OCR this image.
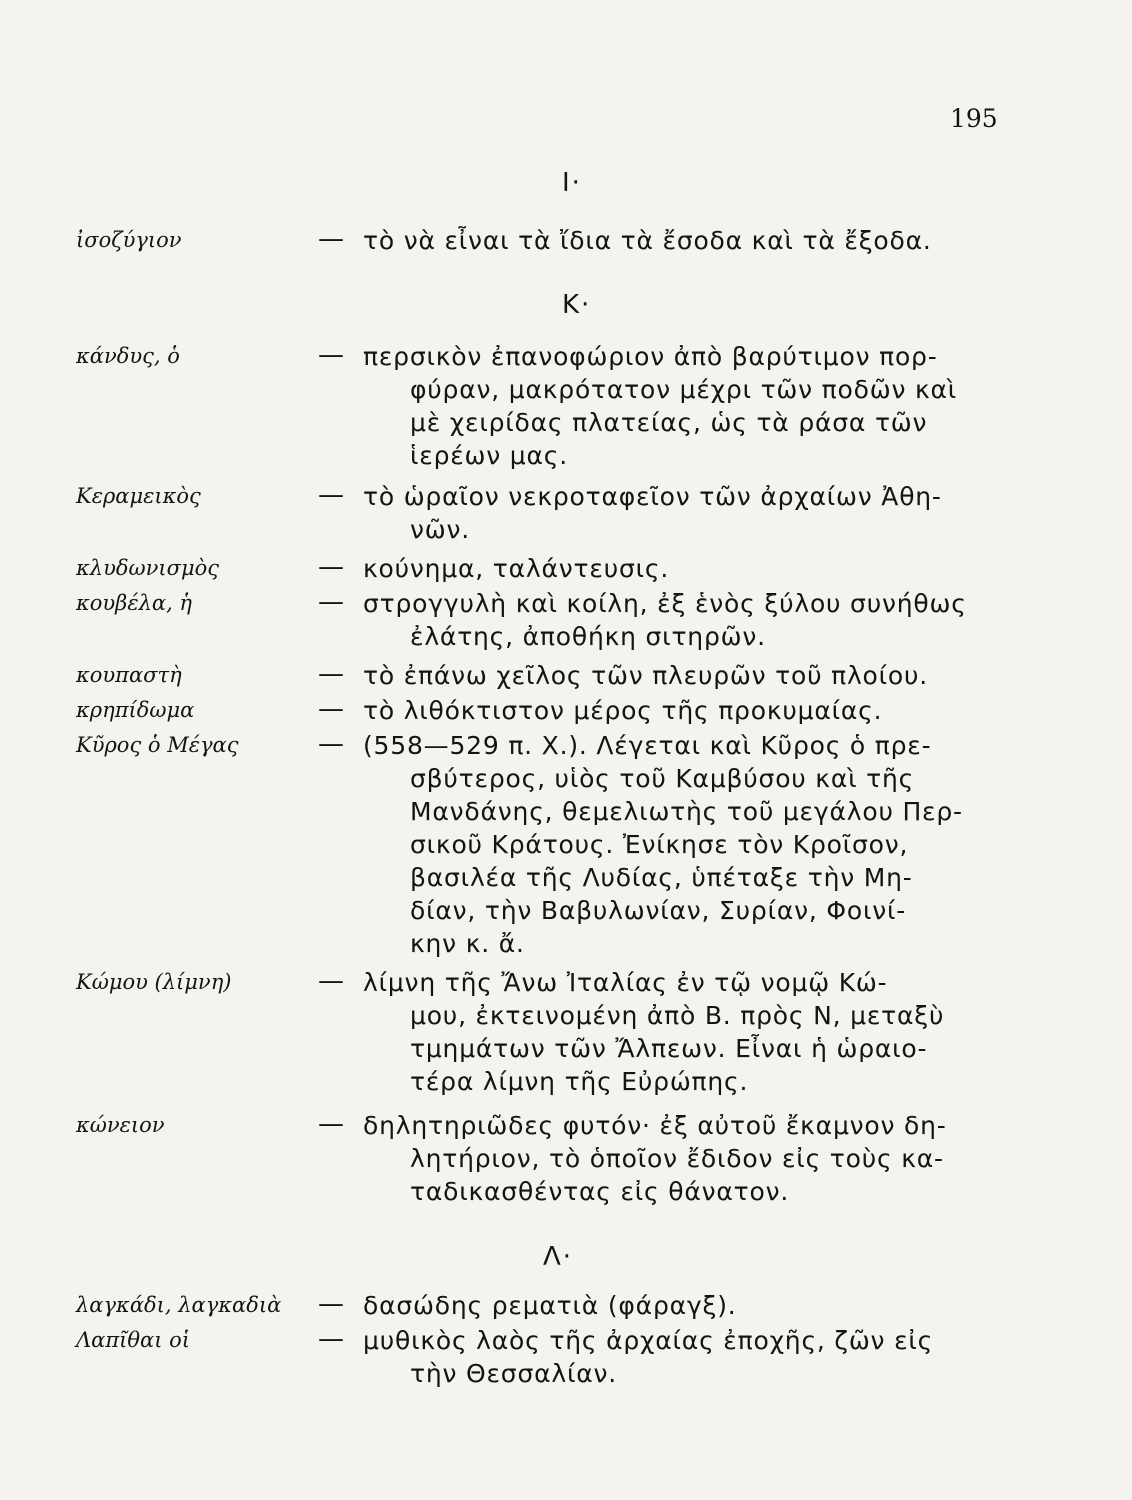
195
Ι·
ἰσοζύγιον	— τὸ νὰ εἶναι τὰ ἴδια τὰ ἔσοδα καὶ τὰ ἔξοδα.
Κ·
κάνδυς, ὁ	— περσικὸν ἐπανοφώριον ἀπὸ βαρύτιμον πορ-
φύραν, μακρότατον μέχρι τῶν ποδῶν καὶ
μὲ χειρίδας πλατείας, ὡς τὰ ράσα τῶν
ἱερέων μας.
Κεραμεικὸς	— τὸ ὡραῖον νεκροταφεῖον τῶν ἀρχαίων Ἀθη-
νῶν.
κλυδωνισμὸς	— κούνημα, ταλάντευσις.
κουβέλα, ἡ	— στρογγυλὴ καὶ κοίλη, ἐξ ἑνὸς ξύλου συνήθως
ἐλάτης, ἀποθήκη σιτηρῶν.
κουπαστὴ	— τὸ ἐπάνω χεῖλος τῶν πλευρῶν τοῦ πλοίου.
κρηπίδωμα	— τὸ λιθόκτιστον μέρος τῆς προκυμαίας.
Κῦρος ὁ Μέγας	— (558—529 π. Χ.). Λέγεται καὶ Κῦρος ὁ πρε-
σβύτερος, υἱὸς τοῦ Καμβύσου καὶ τῆς
Μανδάνης, θεμελιωτὴς τοῦ μεγάλου Περ-
σικοῦ Κράτους. Ἐνίκησε τὸν Κροῖσον,
βασιλέα τῆς Λυδίας, ὑπέταξε τὴν Μη-
δίαν, τὴν Βαβυλωνίαν, Συρίαν, Φοινί-
κην κ. ἄ.
Κώμου (λίμνη)	— λίμνη τῆς Ἄνω Ἰταλίας ἐν τῷ νομῷ Κώ-
μου, ἐκτεινομένη ἀπὸ Β. πρὸς Ν, μεταξὺ
τμημάτων τῶν Ἄλπεων. Εἶναι ἡ ὡραιο-
τέρα λίμνη τῆς Εὐρώπης.
κώνειον	— δηλητηριῶδες φυτόν· ἐξ αὐτοῦ ἔκαμνον δη-
λητήριον, τὸ ὁποῖον ἔδιδον εἰς τοὺς κα-
ταδικασθέντας εἰς θάνατον.
Λ·
λαγκάδι, λαγκαδιὰ — δασώδης ρεματιὰ (φάραγξ).
Λαπῖθαι οἱ	— μυθικὸς λαὸς τῆς ἀρχαίας ἐποχῆς, ζῶν εἰς
τὴν Θεσσαλίαν.
